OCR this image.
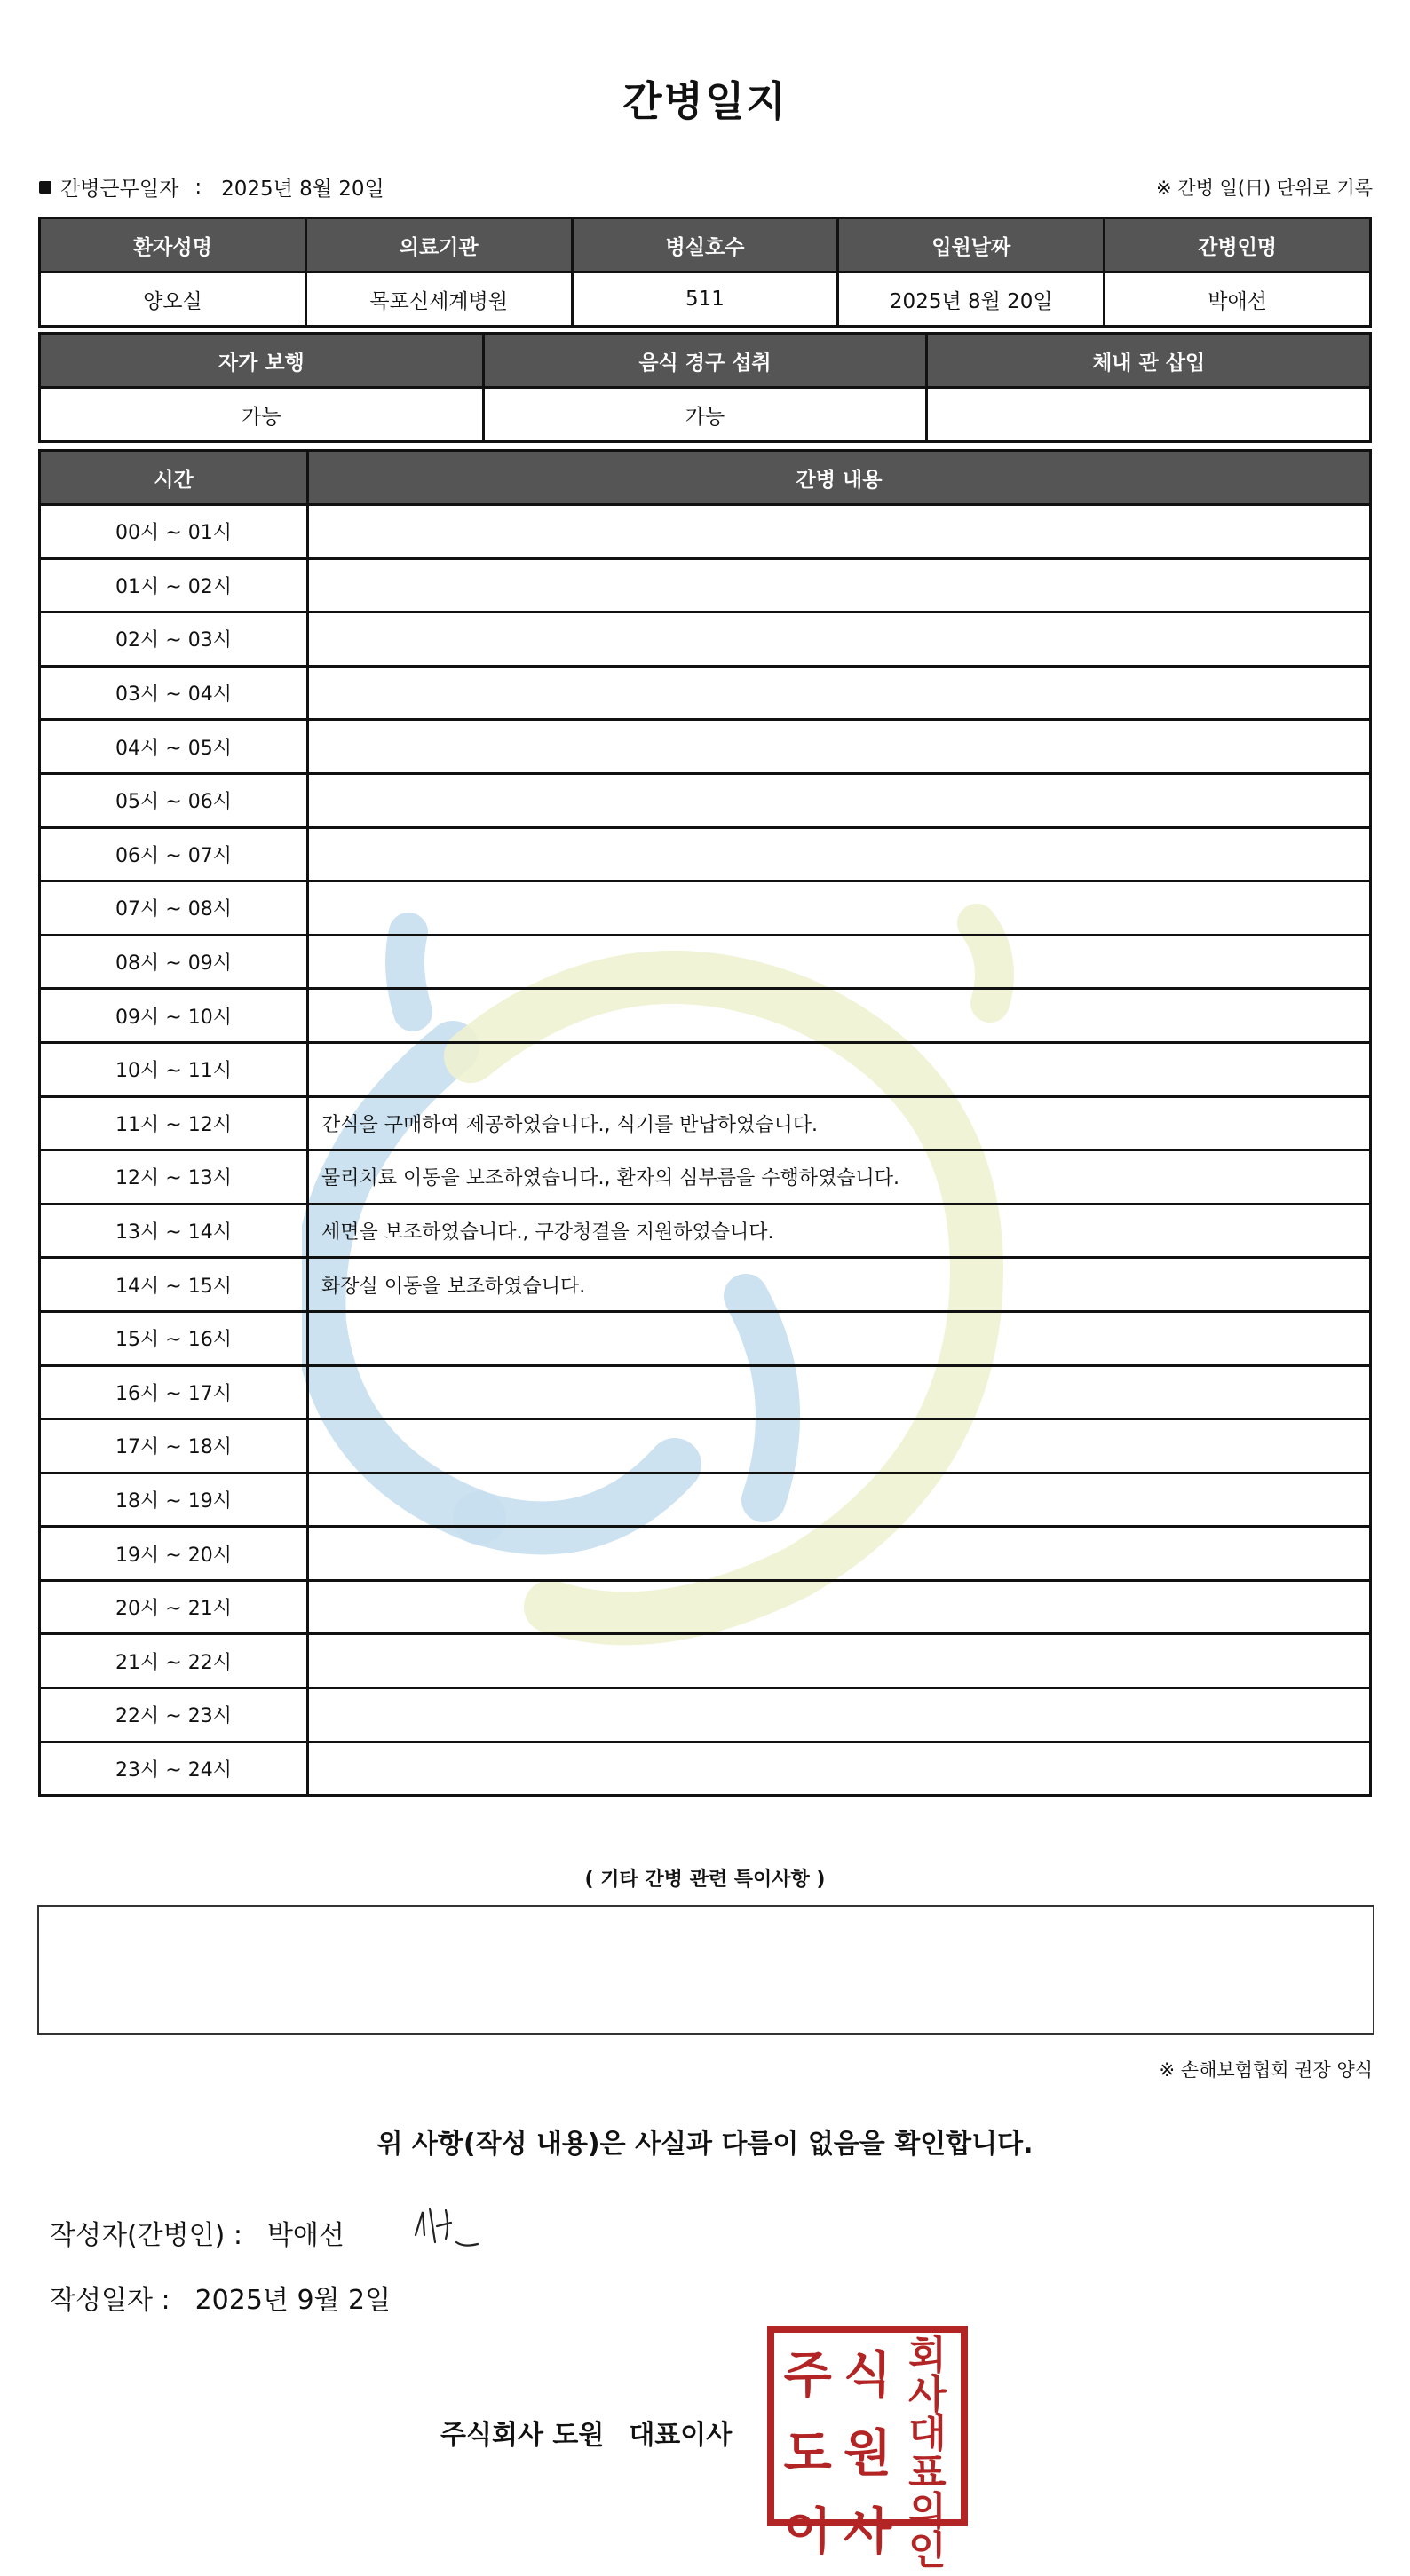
간병일지
간병근무일자 : 2025년 8월 20일	※ 간병 일(日) 단위로 기록
환자성명	의료기관	병실호수	입원날짜	간병인명
양오실	목포신세계병원	511	2025년 8월 20일	박애선
자가 보행	음식 경구 섭취	체내 관 삽입
가능	가능	
시간	간병 내용
00시 ~ 01시	
01시 ~ 02시	
02시 ~ 03시	
03시 ~ 04시	
04시 ~ 05시	
05시 ~ 06시	
06시 ~ 07시	
07시 ~ 08시	
08시 ~ 09시	
09시 ~ 10시	
10시 ~ 11시	
11시 ~ 12시	간식을 구매하여 제공하였습니다., 식기를 반납하였습니다.
12시 ~ 13시	물리치료 이동을 보조하였습니다., 환자의 심부름을 수행하였습니다.
13시 ~ 14시	세면을 보조하였습니다., 구강청결을 지원하였습니다.
14시 ~ 15시	화장실 이동을 보조하였습니다.
15시 ~ 16시	
16시 ~ 17시	
17시 ~ 18시	
18시 ~ 19시	
19시 ~ 20시	
20시 ~ 21시	
21시 ~ 22시	
22시 ~ 23시	
23시 ~ 24시	
( 기타 간병 관련 특이사항 )
※ 손해보험협회 권장 양식
위 사항(작성 내용)은 사실과 다름이 없음을 확인합니다.
작성자(간병인) : 박애선
작성일자 : 2025년 9월 2일
주식회사 도원 대표이사
주 식 회사
도 원 대표
이 사 의인
